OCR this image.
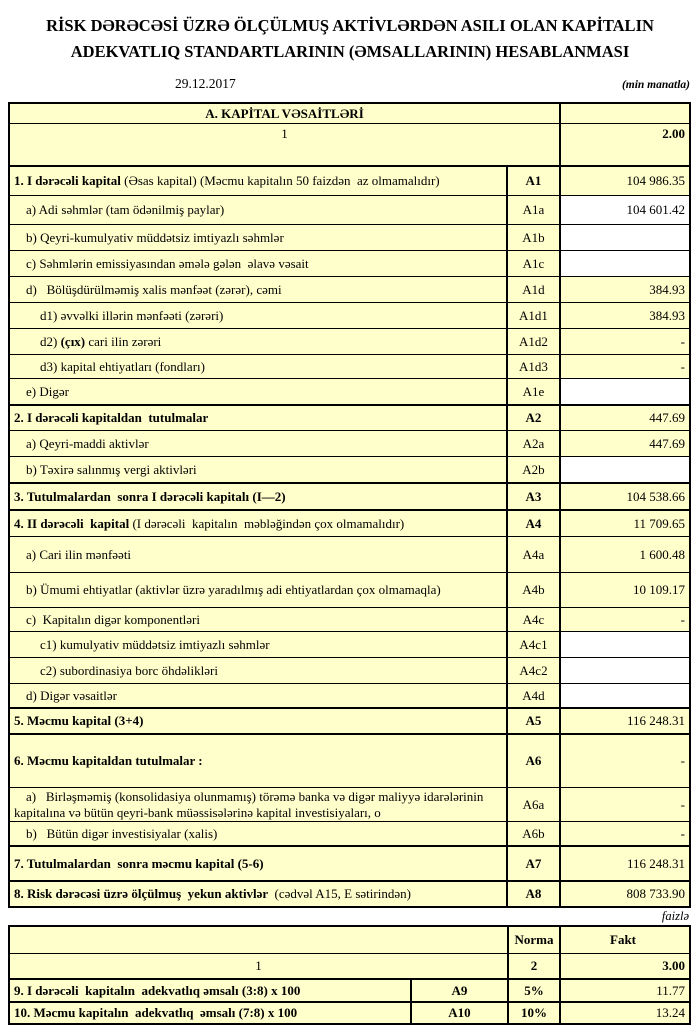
RİSK DƏRƏCƏSİ ÜZRƏ ÖLÇÜLMUŞ AKTİVLƏRDƏN ASILI OLAN KAPİTALIN
ADEKVATLIQ STANDARTLARININ (ƏMSALLARININ) HESABLANMASI
29.12.2017	(min manatla)
A. KAPİTAL VƏSAİTLƏRİ
1	2.00
1. I dərəcəli kapital (Əsas kapital) (Məcmu kapitalın 50 faizdən  az olmamalıdır)	A1	104 986.35
a) Adi səhmlər (tam ödənilmiş paylar)	A1a	104 601.42
b) Qeyri-kumulyativ müddətsiz imtiyazlı səhmlər	A1b
c) Səhmlərin emissiyasından əmələ gələn  əlavə vəsait	A1c
d)   Bölüşdürülməmiş xalis mənfəət (zərər), cəmi	A1d	384.93
d1) əvvəlki illərin mənfəəti (zərəri)	A1d1	384.93
d2) (çıx) cari ilin zərəri	A1d2	-
d3) kapital ehtiyatları (fondları)	A1d3	-
e) Digər	A1e
2. I dərəcəli kapitaldan  tutulmalar	A2	447.69
a) Qeyri-maddi aktivlər	A2a	447.69
b) Təxirə salınmış vergi aktivləri	A2b
3. Tutulmalardan  sonra I dərəcəli kapitalı (I—2)	A3	104 538.66
4. II dərəcəli  kapital (I dərəcəli  kapitalın  məbləğindən çox olmamalıdır)	A4	11 709.65
a) Cari ilin mənfəəti	A4a	1 600.48
b) Ümumi ehtiyatlar (aktivlər üzrə yaradılmış adi ehtiyatlardan çox olmamaqla)	A4b	10 109.17
c)  Kapitalın digər komponentləri	A4c	-
c1) kumulyativ müddətsiz imtiyazlı səhmlər	A4c1
c2) subordinasiya borc öhdəlikləri	A4c2
d) Digər vəsaitlər	A4d
5. Məcmu kapital (3+4)	A5	116 248.31
6. Məcmu kapitaldan tutulmalar :	A6	-
a)   Birləşməmiş (konsolidasiya olunmamış) törəmə banka və digər maliyyə idarələrinin kapitalına və bütün qeyri-bank müəssisələrinə kapital investisiyaları, o
A6a	-
b)   Bütün digər investisiyalar (xalis)	A6b	-
7. Tutulmalardan  sonra məcmu kapital (5-6)	A7	116 248.31
8. Risk dərəcəsi üzrə ölçülmuş  yekun aktivlər (cədvəl A15, E sətirindən)	A8	808 733.90
faizlə
Norma	Fakt
1	2	3.00
9. I dərəcəli  kapitalın  adekvatlıq əmsalı (3:8) x 100	A9	5%	11.77
10. Məcmu kapitalın  adekvatlıq  əmsalı (7:8) x 100	A10	10%	13.24
